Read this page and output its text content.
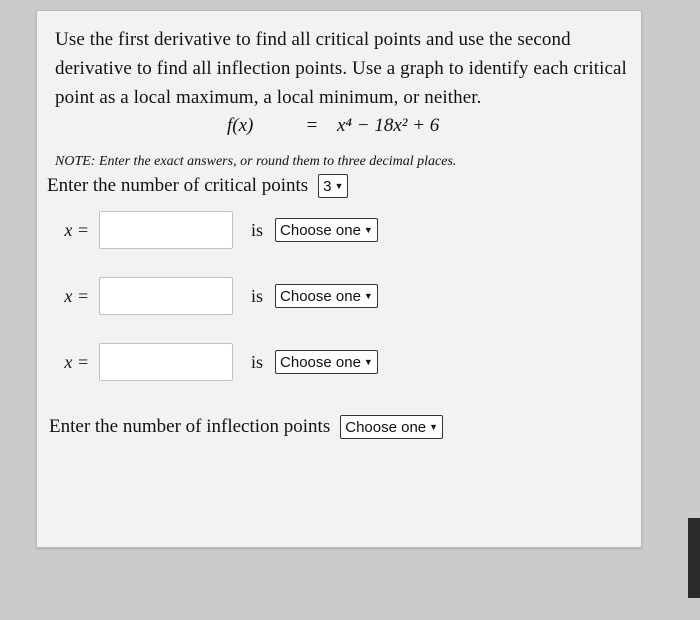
Use the first derivative to find all critical points and use the second derivative to find all inflection points. Use a graph to identify each critical point as a local maximum, a local minimum, or neither.

f(x)	=	x⁴ − 18x² + 6
NOTE: Enter the exact answers, or round them to three decimal places.
Enter the number of critical points 3 ▼
x =	is Choose one ▼
x =	is Choose one ▼
x =	is Choose one ▼
Enter the number of inflection points Choose one ▼
